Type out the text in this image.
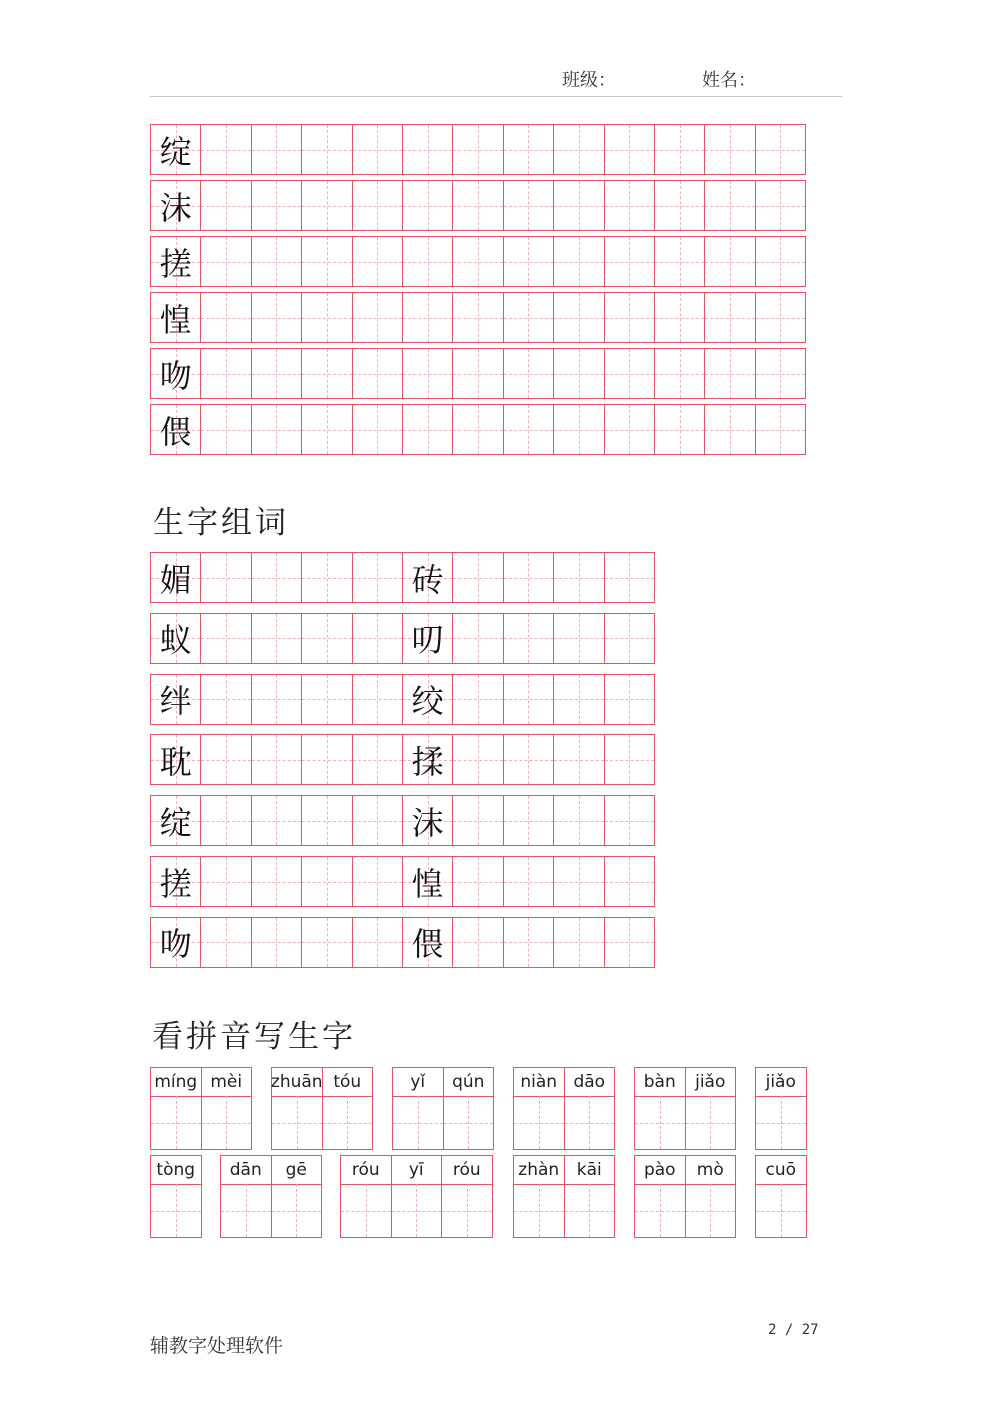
班级：	姓名：
绽
沫
搓
惶
吻
偎
生字组词
媚	砖
蚁	叨
绊	绞
耽	揉
绽	沫
搓	惶
吻	偎
看拼音写生字
míng mèi	zhuān tóu	yǐ	qún	niàn dāo	bàn	jiǎo	jiǎo
tòng	dān	gē	róu	yī	róu	zhàn	kāi	pào	mò	cuō
辅教字处理软件
2 / 27
